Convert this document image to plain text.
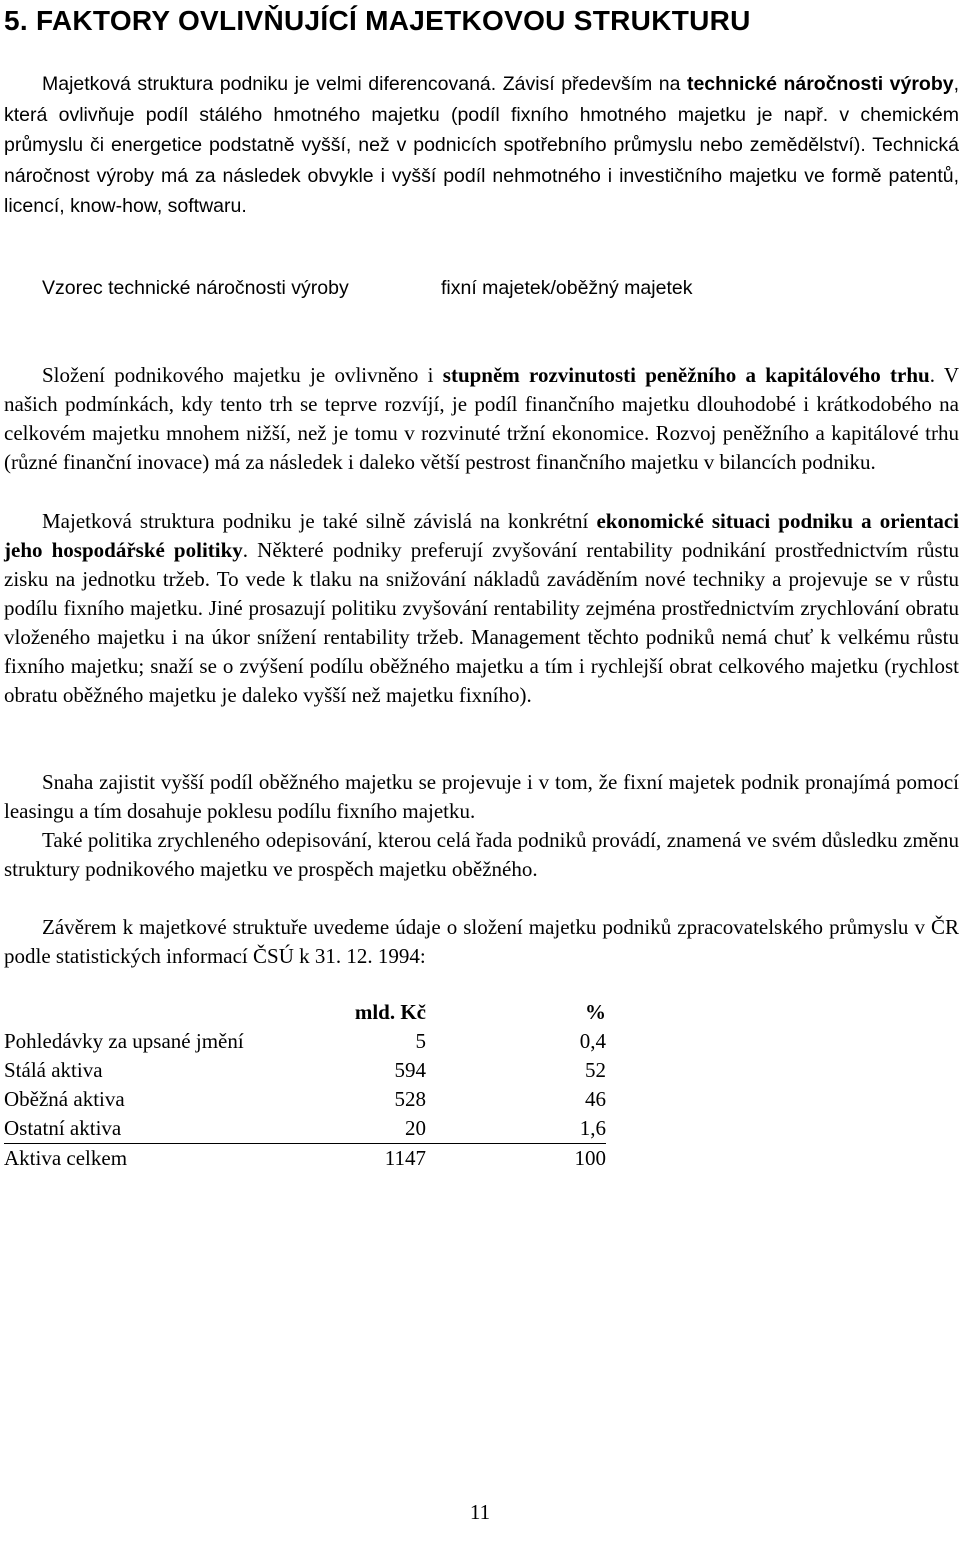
5. FAKTORY OVLIVŇUJÍCÍ MAJETKOVOU STRUKTURU

Majetková struktura podniku je velmi diferencovaná. Závisí především na technické náročnosti výroby, která ovlivňuje podíl stálého hmotného majetku (podíl fixního hmotného majetku je např. v chemickém průmyslu či energetice podstatně vyšší, než v podnicích spotřebního průmyslu nebo zemědělství). Technická náročnost výroby má za následek obvykle i vyšší podíl nehmotného i investičního majetku ve formě patentů, licencí, know-how, softwaru.

Vzorec technické náročnosti výroby	fixní majetek/oběžný majetek

Složení podnikového majetku je ovlivněno i stupněm rozvinutosti peněžního a kapitálového trhu. V našich podmínkách, kdy tento trh se teprve rozvíjí, je podíl finančního majetku dlouhodobé i krátkodobého na celkovém majetku mnohem nižší, než je tomu v rozvinuté tržní ekonomice. Rozvoj peněžního a kapitálové trhu (různé finanční inovace) má za následek i daleko větší pestrost finančního majetku v bilancích podniku.

Majetková struktura podniku je také silně závislá na konkrétní ekonomické situaci podniku a orientaci jeho hospodářské politiky. Některé podniky preferují zvyšování rentability podnikání prostřednictvím růstu zisku na jednotku tržeb. To vede k tlaku na snižování nákladů zaváděním nové techniky a projevuje se v růstu podílu fixního majetku. Jiné prosazují politiku zvyšování rentability zejména prostřednictvím zrychlování obratu vloženého majetku i na úkor snížení rentability tržeb. Management těchto podniků nemá chuť k velkému růstu fixního majetku; snaží se o zvýšení podílu oběžného majetku a tím i rychlejší obrat celkového majetku (rychlost obratu oběžného majetku je daleko vyšší než majetku fixního).

Snaha zajistit vyšší podíl oběžného majetku se projevuje i v tom, že fixní majetek podnik pronajímá pomocí leasingu a tím dosahuje poklesu podílu fixního majetku.

Také politika zrychleného odepisování, kterou celá řada podniků provádí, znamená ve svém důsledku změnu struktury podnikového majetku ve prospěch majetku oběžného.

Závěrem k majetkové struktuře uvedeme údaje o složení majetku podniků zpracovatelského průmyslu v ČR podle statistických informací ČSÚ k 31. 12. 1994:

	mld. Kč	%
Pohledávky za upsané jmění	5	0,4
Stálá aktiva	594	52
Oběžná aktiva	528	46
Ostatní aktiva	20	1,6
Aktiva celkem	1147	100
11
